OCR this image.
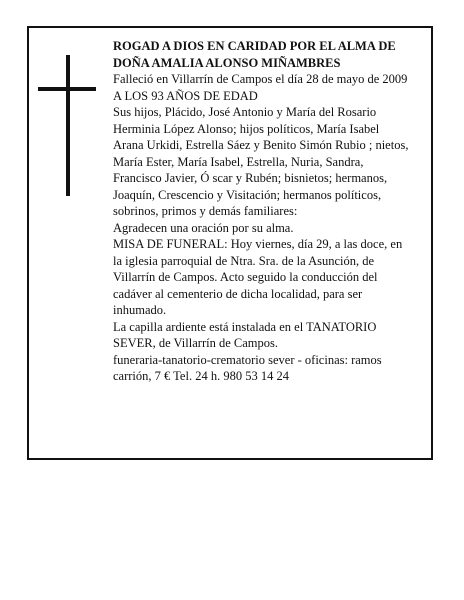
ROGAD A DIOS EN CARIDAD POR EL ALMA DE DOÑA AMALIA ALONSO MIÑAMBRES

Falleció en Villarrín de Campos el día 28 de mayo de 2009

A LOS 93 AÑOS DE EDAD

Sus hijos, Plácido, José Antonio y María del Rosario Herminia López Alonso; hijos políticos, María Isabel Arana Urkidi, Estrella Sáez y Benito Simón Rubio ; nietos, María Ester, María Isabel, Estrella, Nuria, Sandra, Francisco Javier, Ó scar y Rubén; bisnietos; hermanos, Joaquín, Crescencio y Visitación; hermanos políticos, sobrinos, primos y demás familiares:

Agradecen una oración por su alma.

MISA DE FUNERAL: Hoy viernes, día 29, a las doce, en la iglesia parroquial de Ntra. Sra. de la Asunción, de Villarrín de Campos. Acto seguido la conducción del cadáver al cementerio de dicha localidad, para ser inhumado.

La capilla ardiente está instalada en el TANATORIO SEVER, de Villarrín de Campos.

funeraria-tanatorio-crematorio sever - oficinas: ramos carrión, 7 € Tel. 24 h. 980 53 14 24
